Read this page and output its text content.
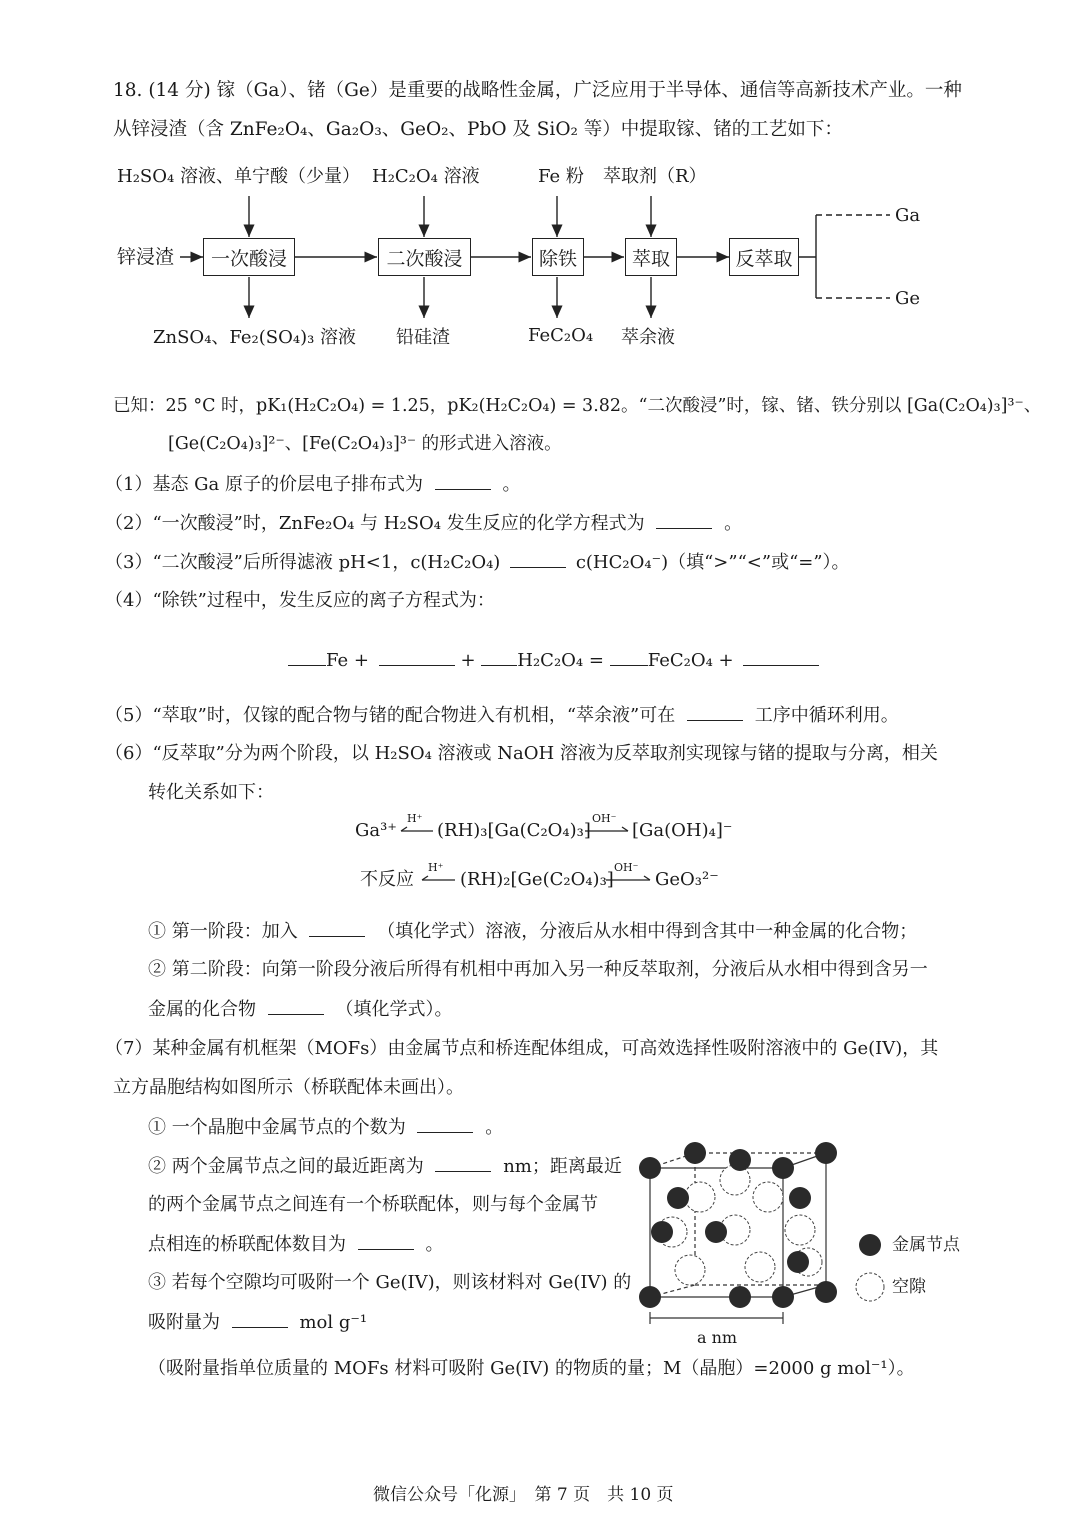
18. (14 分) 镓（Ga）、锗（Ge）是重要的战略性金属，广泛应用于半导体、通信等高新技术产业。一种
从锌浸渣（含 ZnFe₂O₄、Ga₂O₃、GeO₂、PbO 及 SiO₂ 等）中提取镓、锗的工艺如下：
H₂SO₄ 溶液、单宁酸（少量） H₂C₂O₄ 溶液	Fe 粉 萃取剂（R）
锌浸渣	一次酸浸	二次酸浸	除铁	萃取	反萃取
Ga
Ge
ZnSO₄、Fe₂(SO₄)₃ 溶液 铅硅渣	FeC₂O₄ 萃余液
已知：25 °C 时，pK₁(H₂C₂O₄) = 1.25，pK₂(H₂C₂O₄) = 3.82。“二次酸浸”时，镓、锗、铁分别以 [Ga(C₂O₄)₃]³⁻、
[Ge(C₂O₄)₃]²⁻、[Fe(C₂O₄)₃]³⁻ 的形式进入溶液。
（1）基态 Ga 原子的价层电子排布式为	。
（2）“一次酸浸”时，ZnFe₂O₄ 与 H₂SO₄ 发生反应的化学方程式为	。
（3）“二次酸浸”后所得滤液 pH<1，c(H₂C₂O₄)	c(HC₂O₄⁻)（填“>”“<”或“=”）。
（4）“除铁”过程中，发生反应的离子方程式为：
Fe +	+ H₂C₂O₄ = FeC₂O₄ +
（5）“萃取”时，仅镓的配合物与锗的配合物进入有机相，“萃余液”可在	工序中循环利用。
（6）“反萃取”分为两个阶段，以 H₂SO₄ 溶液或 NaOH 溶液为反萃取剂实现镓与锗的提取与分离，相关
转化关系如下：
Ga³⁺
H⁺
(RH)₃[Ga(C₂O₄)₃]
OH⁻
[Ga(OH)₄]⁻
不反应
H⁺
(RH)₂[Ge(C₂O₄)₃]
OH⁻
GeO₃²⁻
① 第一阶段：加入	（填化学式）溶液，分液后从水相中得到含其中一种金属的化合物；
② 第二阶段：向第一阶段分液后所得有机相中再加入另一种反萃取剂，分液后从水相中得到含另一
金属的化合物	（填化学式）。
（7）某种金属有机框架（MOFs）由金属节点和桥连配体组成，可高效选择性吸附溶液中的 Ge(IV)，其
立方晶胞结构如图所示（桥联配体未画出）。
① 一个晶胞中金属节点的个数为	。
② 两个金属节点之间的最近距离为	nm；距离最近
的两个金属节点之间连有一个桥联配体，则与每个金属节
点相连的桥联配体数目为	。
③ 若每个空隙均可吸附一个 Ge(IV)，则该材料对 Ge(IV) 的
吸附量为	mol g⁻¹
（吸附量指单位质量的 MOFs 材料可吸附 Ge(IV) 的物质的量；M（晶胞）=2000 g mol⁻¹）。
金属节点
空隙
a nm
微信公众号「化源」　第 7 页　共 10 页
